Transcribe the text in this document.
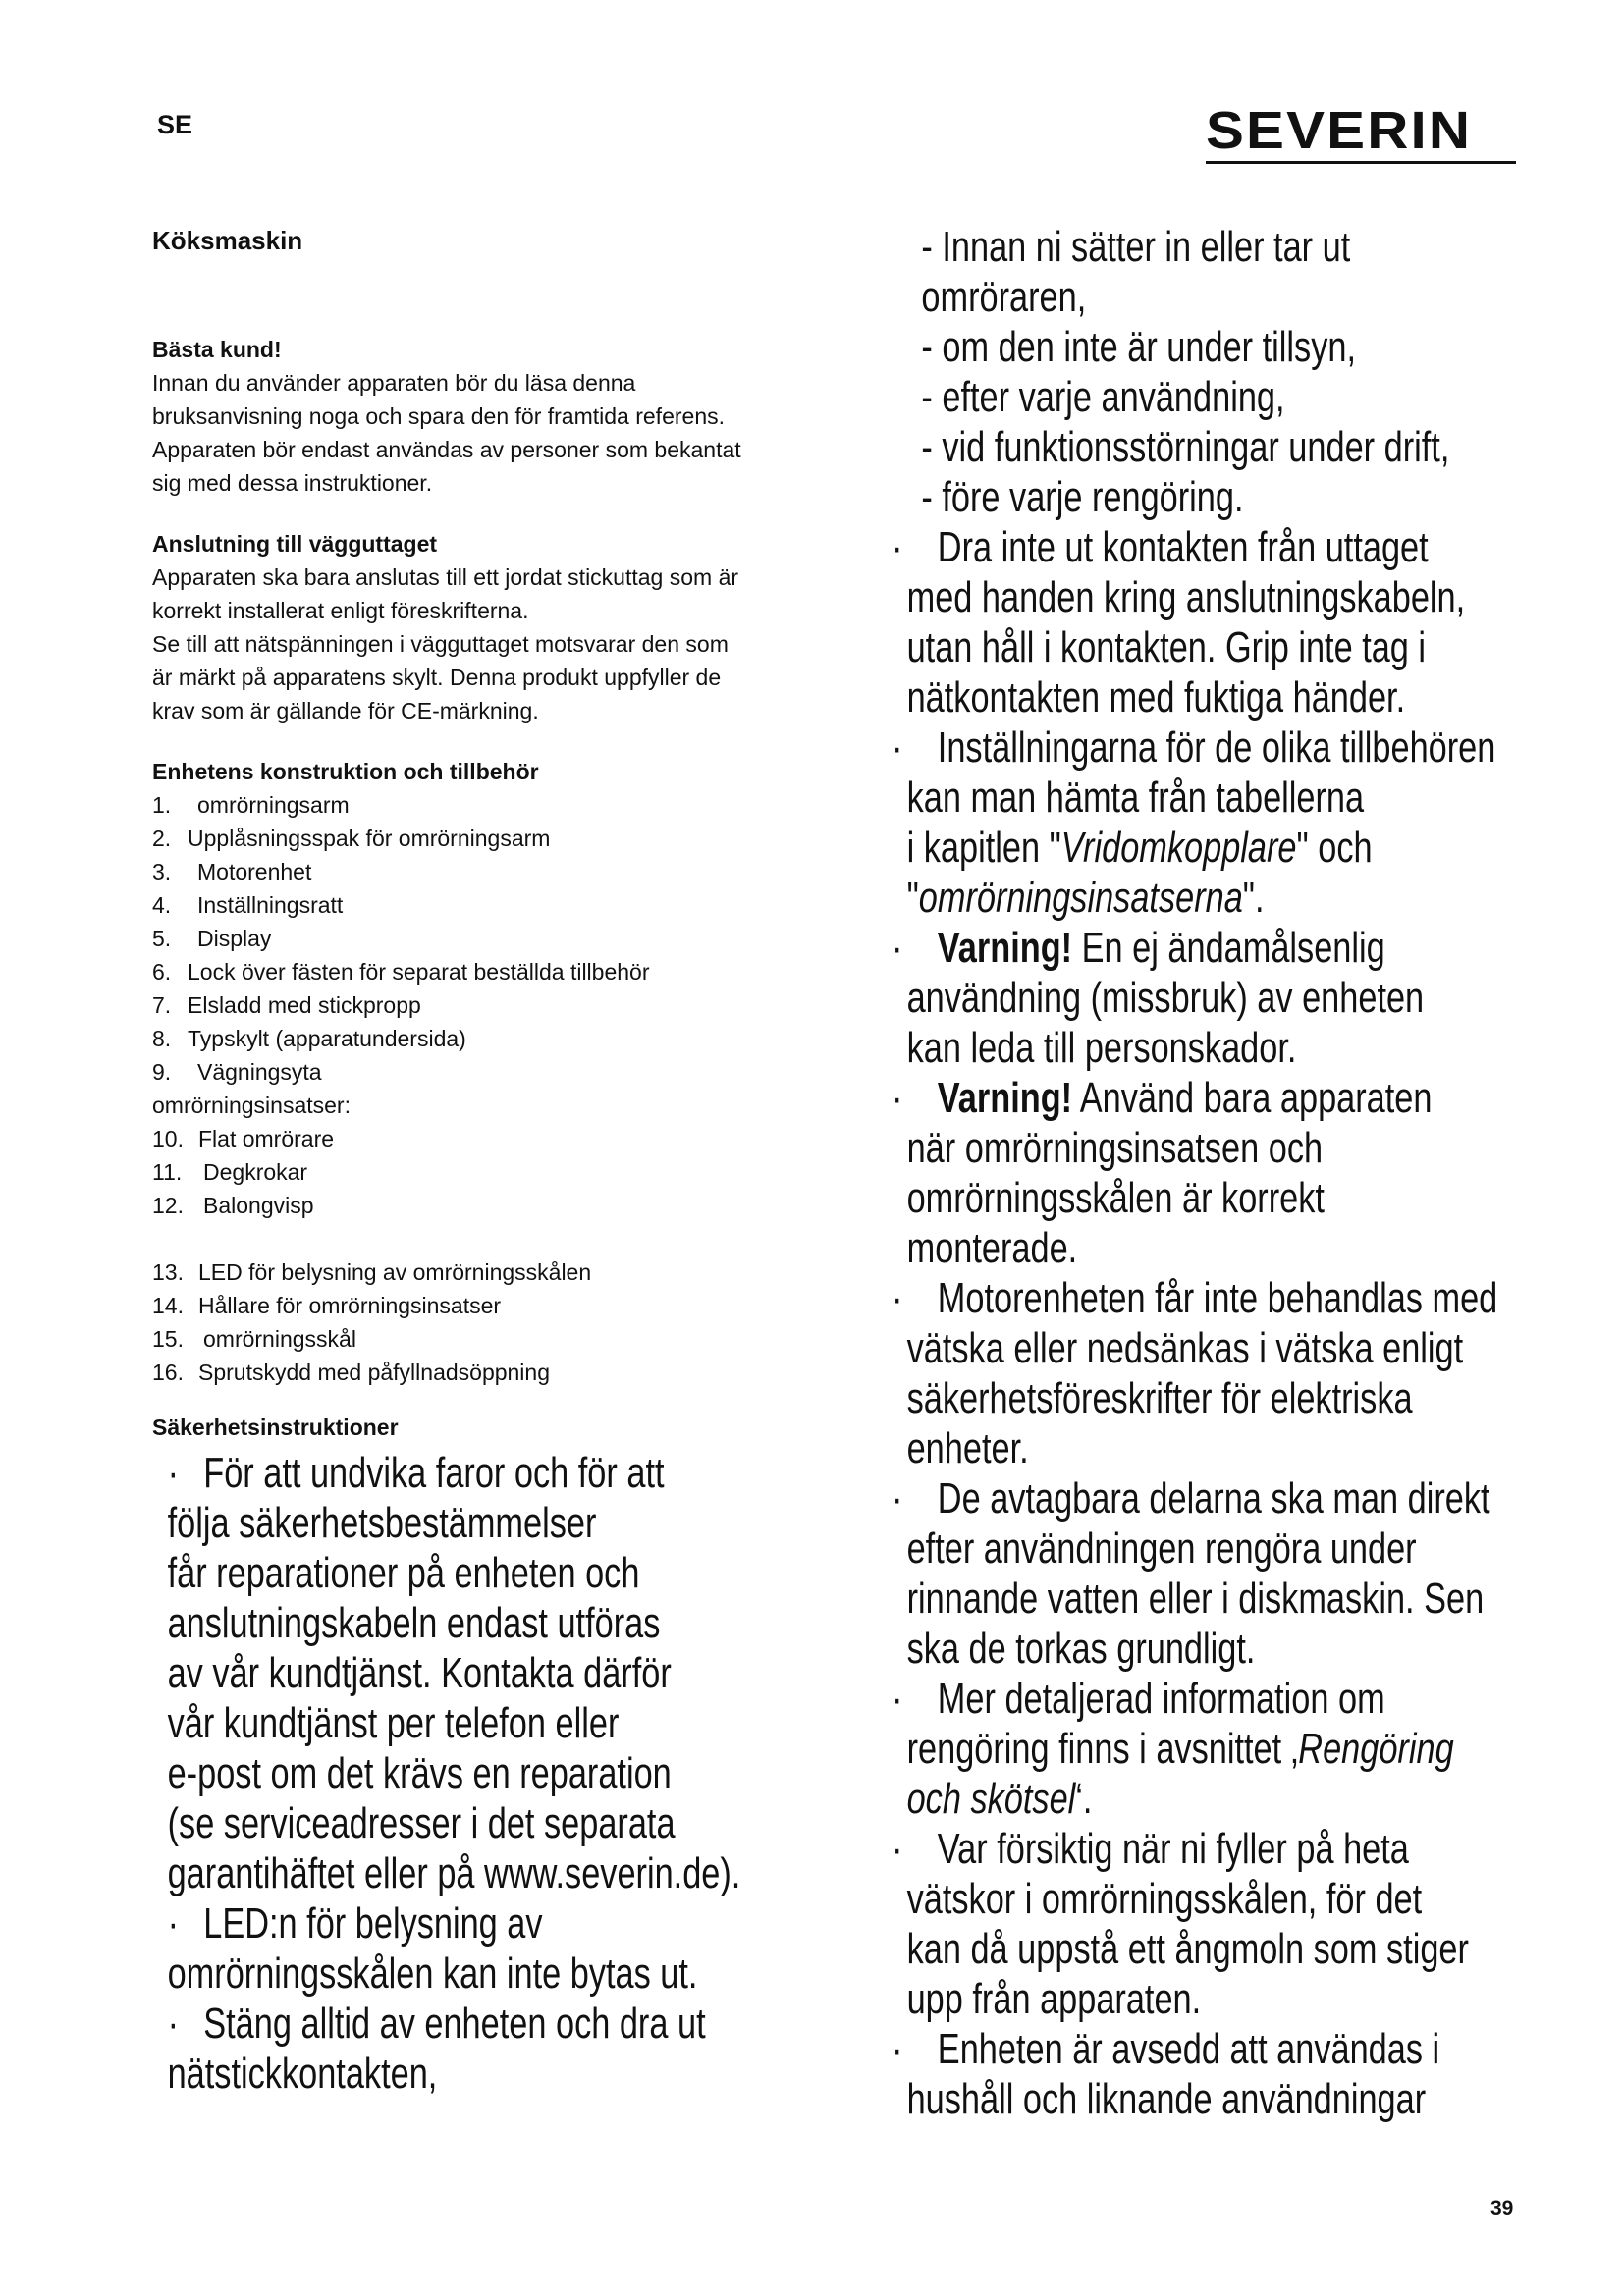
SE	SEVERIN
Köksmaskin
Bästa kund!

Innan du använder apparaten bör du läsa denna

bruksanvisning noga och spara den för framtida referens.

Apparaten bör endast användas av personer som bekantat

sig med dessa instruktioner.

Anslutning till vägguttaget

Apparaten ska bara anslutas till ett jordat stickuttag som är

korrekt installerat enligt föreskrifterna.

Se till att nätspänningen i vägguttaget motsvarar den som

är märkt på apparatens skylt. Denna produkt uppfyller de

krav som är gällande för CE-märkning.

Enhetens konstruktion och tillbehör
1.	omrörningsarm
2. Upplåsningsspak för omrörningsarm
3.	Motorenhet
4.	Inställningsratt
5.	Display
6. Lock över fästen för separat beställda tillbehör
7. Elsladd med stickpropp
8. Typskylt (apparatundersida)
9.	Vägningsyta
omrörningsinsatser:
10. Flat omrörare
11. Degkrokar
12. Balongvisp
13. LED för belysning av omrörningsskålen
14. Hållare för omrörningsinsatser
15. omrörningsskål
16. Sprutskydd med påfyllnadsöppning
Säkerhetsinstruktioner
· För att undvika faror och för att
följa säkerhetsbestämmelser
får reparationer på enheten och
anslutningskabeln endast utföras
av vår kundtjänst. Kontakta därför
vår kundtjänst per telefon eller
e-post om det krävs en reparation
(se serviceadresser i det separata
garantihäftet eller på www.severin.de).
· LED:n för belysning av
omrörningsskålen kan inte bytas ut.
· Stäng alltid av enheten och dra ut
nätstickkontakten,
- Innan ni sätter in eller tar ut
omröraren,
- om den inte är under tillsyn,
- efter varje användning,
- vid funktionsstörningar under drift,
- före varje rengöring.
· Dra inte ut kontakten från uttaget
med handen kring anslutningskabeln,
utan håll i kontakten. Grip inte tag i
nätkontakten med fuktiga händer.
· Inställningarna för de olika tillbehören
kan man hämta från tabellerna
i kapitlen "Vridomkopplare" och
"omrörningsinsatserna".
· Varning! En ej ändamålsenlig
användning (missbruk) av enheten
kan leda till personskador.
· Varning! Använd bara apparaten
när omrörningsinsatsen och
omrörningsskålen är korrekt
monterade.
· Motorenheten får inte behandlas med
vätska eller nedsänkas i vätska enligt
säkerhetsföreskrifter för elektriska
enheter.
· De avtagbara delarna ska man direkt
efter användningen rengöra under
rinnande vatten eller i diskmaskin. Sen
ska de torkas grundligt.
· Mer detaljerad information om
rengöring finns i avsnittet ‚Rengöring
och skötsel‘.
· Var försiktig när ni fyller på heta
vätskor i omrörningsskålen, för det
kan då uppstå ett ångmoln som stiger
upp från apparaten.
· Enheten är avsedd att användas i
hushåll och liknande användningar
39
